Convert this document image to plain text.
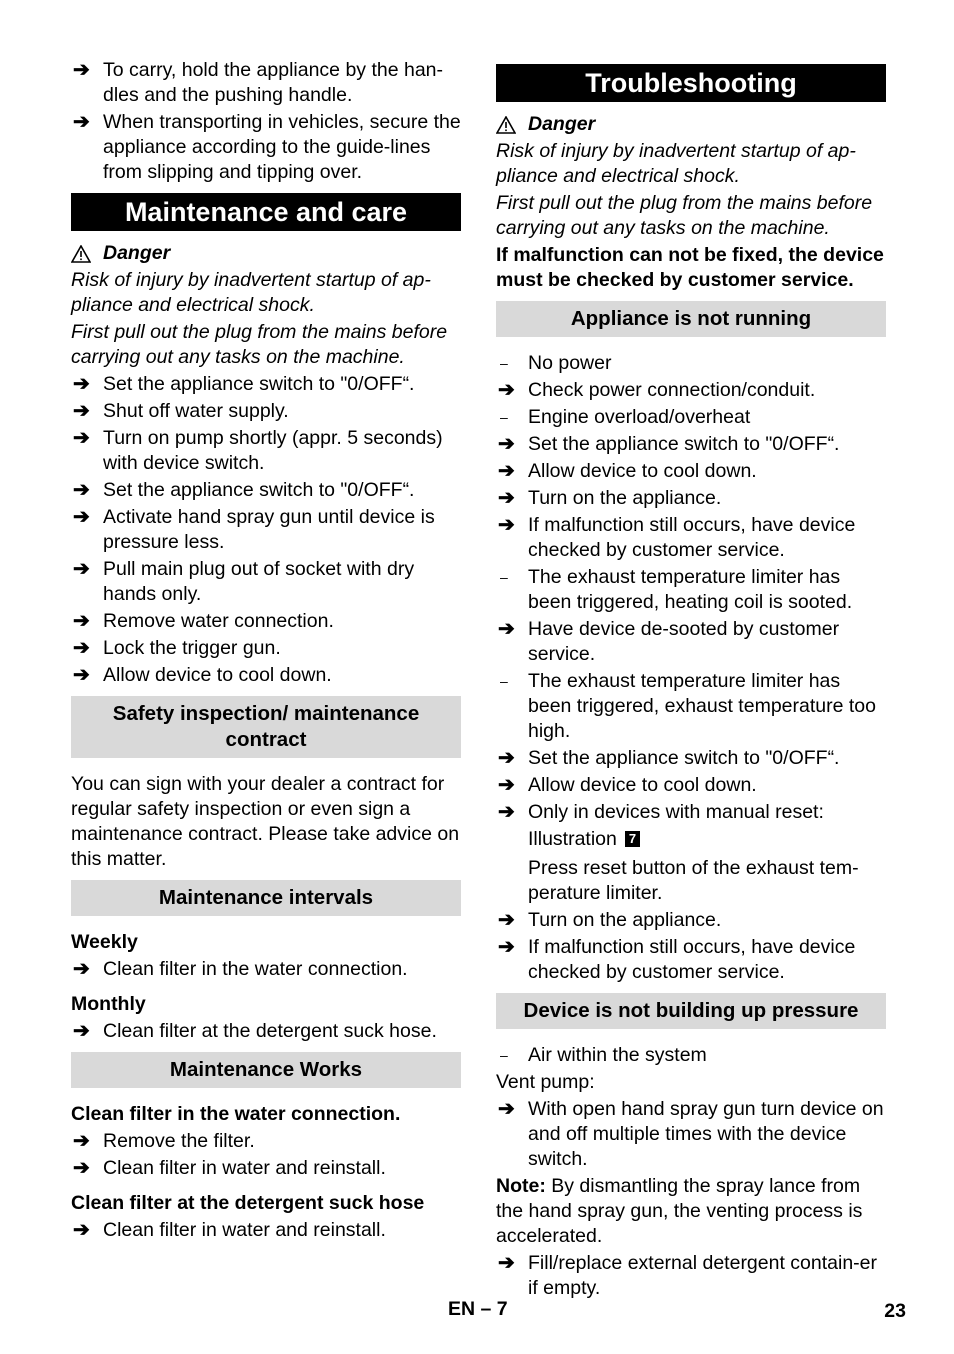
➔ To carry, hold the appliance by the han-dles and the pushing handle.
➔ When transporting in vehicles, secure the appliance according to the guide-lines from slipping and tipping over.
Maintenance and care
Danger
Risk of injury by inadvertent startup of ap-pliance and electrical shock.
First pull out the plug from the mains before carrying out any tasks on the machine.
➔ Set the appliance switch to "0/OFF“.
➔ Shut off water supply.
➔ Turn on pump shortly (appr. 5 seconds) with device switch.
➔ Set the appliance switch to "0/OFF“.
➔ Activate hand spray gun until device is pressure less.
➔ Pull main plug out of socket with dry hands only.
➔ Remove water connection.
➔ Lock the trigger gun.
➔ Allow device to cool down.
Safety inspection/ maintenance contract
You can sign with your dealer a contract for regular safety inspection or even sign a maintenance contract. Please take advice on this matter.
Maintenance intervals
Weekly
➔ Clean filter in the water connection.
Monthly
➔ Clean filter at the detergent suck hose.
Maintenance Works
Clean filter in the water connection.
➔ Remove the filter.
➔ Clean filter in water and reinstall.
Clean filter at the detergent suck hose
➔ Clean filter in water and reinstall.
Troubleshooting
Danger
Risk of injury by inadvertent startup of ap-pliance and electrical shock.
First pull out the plug from the mains before carrying out any tasks on the machine.
If malfunction can not be fixed, the device must be checked by customer service.
Appliance is not running
–	No power
➔ Check power connection/conduit.
–	Engine overload/overheat
➔ Set the appliance switch to "0/OFF“.
➔ Allow device to cool down.
➔ Turn on the appliance.
➔ If malfunction still occurs, have device checked by customer service.
–	The exhaust temperature limiter has been triggered, heating coil is sooted.
➔ Have device de-sooted by customer service.
–	The exhaust temperature limiter has been triggered, exhaust temperature too high.
➔ Set the appliance switch to "0/OFF“.
➔ Allow device to cool down.
➔ Only in devices with manual reset:
Illustration 7
Press reset button of the exhaust tem-perature limiter.
➔ Turn on the appliance.
➔ If malfunction still occurs, have device checked by customer service.
Device is not building up pressure
–	Air within the system
Vent pump:
➔ With open hand spray gun turn device on and off multiple times with the device switch.
Note: By dismantling the spray lance from the hand spray gun, the venting process is accelerated.
➔ Fill/replace external detergent contain-er if empty.
EN – 7	23
